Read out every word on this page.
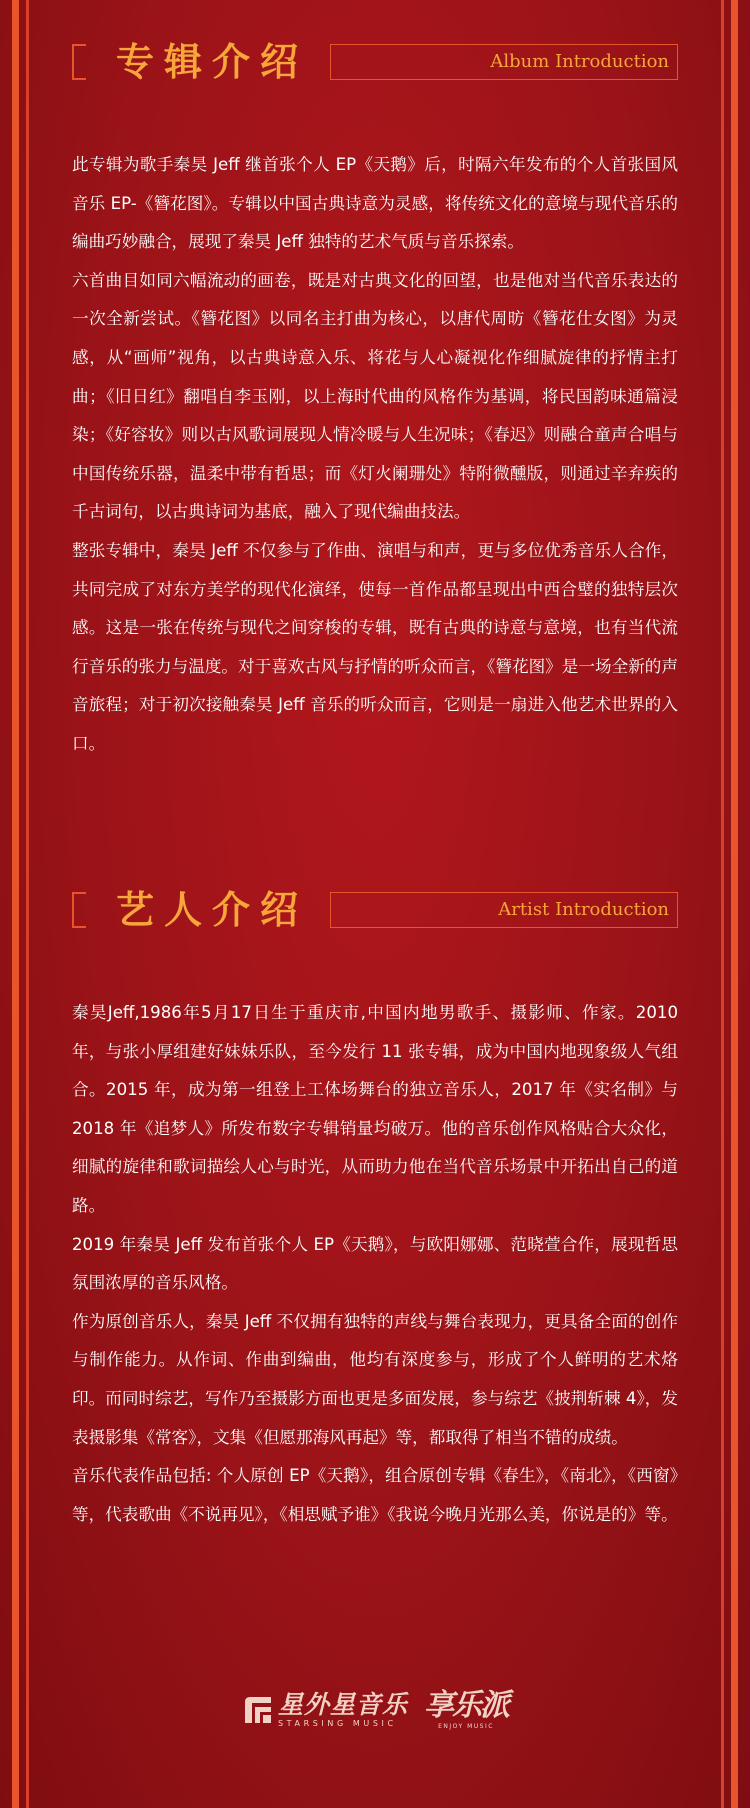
专辑介绍	Album Introduction

此专辑为歌手秦昊 Jeff 继首张个人 EP《天鹅》后，时隔六年发布的个人首张国风音乐 EP-《簪花图》。专辑以中国古典诗意为灵感，将传统文化的意境与现代音乐的编曲巧妙融合，展现了秦昊 Jeff 独特的艺术气质与音乐探索。

六首曲目如同六幅流动的画卷，既是对古典文化的回望，也是他对当代音乐表达的一次全新尝试。《簪花图》以同名主打曲为核心，以唐代周昉《簪花仕女图》为灵感，从“画师”视角，以古典诗意入乐、将花与人心凝视化作细腻旋律的抒情主打曲；《旧日红》翻唱自李玉刚，以上海时代曲的风格作为基调，将民国韵味通篇浸染；《好容妆》则以古风歌词展现人情冷暖与人生况味；《春迟》则融合童声合唱与中国传统乐器，温柔中带有哲思；而《灯火阑珊处》特附微醺版，则通过辛弃疾的千古词句，以古典诗词为基底，融入了现代编曲技法。

整张专辑中，秦昊 Jeff 不仅参与了作曲、演唱与和声，更与多位优秀音乐人合作，共同完成了对东方美学的现代化演绎，使每一首作品都呈现出中西合璧的独特层次感。这是一张在传统与现代之间穿梭的专辑，既有古典的诗意与意境，也有当代流行音乐的张力与温度。对于喜欢古风与抒情的听众而言，《簪花图》是一场全新的声音旅程；对于初次接触秦昊 Jeff 音乐的听众而言，它则是一扇进入他艺术世界的入口。

艺人介绍	Artist Introduction

秦昊Jeff,1986年5月17日生于重庆市,中国内地男歌手、摄影师、作家。2010 年，与张小厚组建好妹妹乐队，至今发行 11 张专辑，成为中国内地现象级人气组合。2015 年，成为第一组登上工体场舞台的独立音乐人，2017 年《实名制》与 2018 年《追梦人》所发布数字专辑销量均破万。他的音乐创作风格贴合大众化，细腻的旋律和歌词描绘人心与时光，从而助力他在当代音乐场景中开拓出自己的道路。

2019 年秦昊 Jeff 发布首张个人 EP《天鹅》，与欧阳娜娜、范晓萱合作，展现哲思氛围浓厚的音乐风格。

作为原创音乐人，秦昊 Jeff 不仅拥有独特的声线与舞台表现力，更具备全面的创作与制作能力。从作词、作曲到编曲，他均有深度参与，形成了个人鲜明的艺术烙印。而同时综艺，写作乃至摄影方面也更是多面发展，参与综艺《披荆斩棘 4》，发表摄影集《常客》，文集《但愿那海风再起》等，都取得了相当不错的成绩。

音乐代表作品包括: 个人原创 EP《天鹅》，组合原创专辑《春生》，《南北》，《西窗》等，代表歌曲《不说再见》，《相思赋予谁》《我说今晚月光那么美，你说是的》等。

星外星音乐
STARSING MUSIC
享乐派
ENJOY MUSIC
